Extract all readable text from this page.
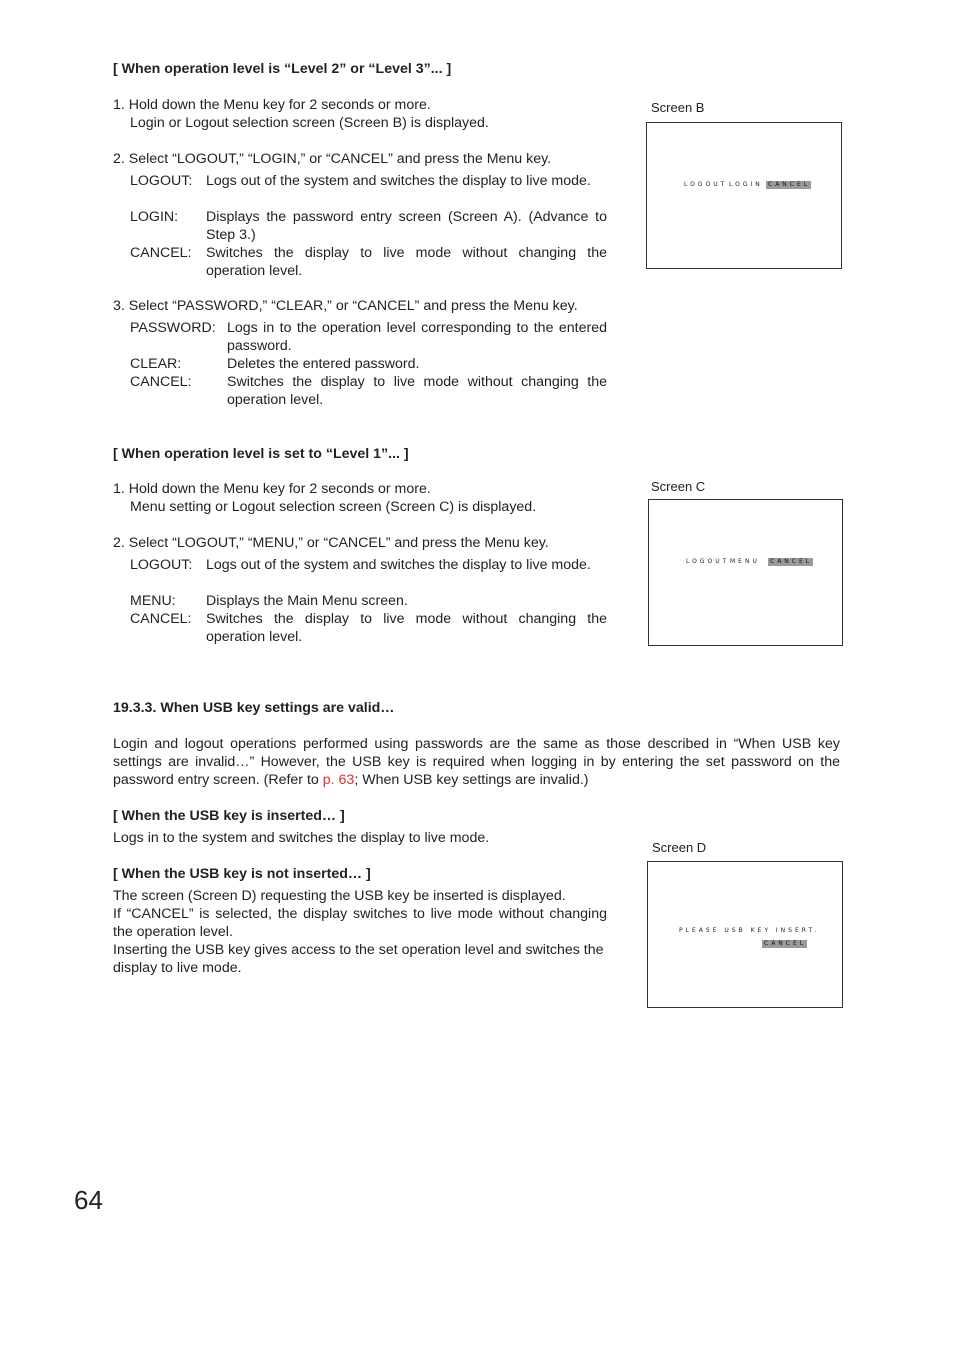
[ When operation level is “Level 2” or “Level 3”... ]
1. Hold down the Menu key for 2 seconds or more.
Login or Logout selection screen (Screen B) is displayed.
2. Select “LOGOUT,” “LOGIN,” or “CANCEL” and press the Menu key.
LOGOUT: Logs out of the system and switches the display to live mode.
LOGIN: Displays the password entry screen (Screen A). (Advance to Step 3.)
CANCEL: Switches the display to live mode without changing the operation level.
3. Select “PASSWORD,” “CLEAR,” or “CANCEL” and press the Menu key.
PASSWORD: Logs in to the operation level corresponding to the entered password.
CLEAR:	Deletes the entered password.
CANCEL:	Switches the display to live mode without changing the operation level.
Screen B
LOGOUT LOGIN CANCEL
[ When operation level is set to “Level 1”... ]
1. Hold down the Menu key for 2 seconds or more.
Menu setting or Logout selection screen (Screen C) is displayed.
2. Select “LOGOUT,” “MENU,” or “CANCEL” and press the Menu key.
LOGOUT: Logs out of the system and switches the display to live mode.
MENU: Displays the Main Menu screen.
CANCEL: Switches the display to live mode without changing the operation level.
Screen C
LOGOUT MENU	CANCEL
19.3.3. When USB key settings are valid…
Login and logout operations performed using passwords are the same as those described in “When USB key settings are invalid…” However, the USB key is required when logging in by entering the set password on the password entry screen. (Refer to p. 63; When USB key settings are invalid.)
[ When the USB key is inserted… ]
Logs in to the system and switches the display to live mode.
[ When the USB key is not inserted… ]
The screen (Screen D) requesting the USB key be inserted is displayed.
If “CANCEL” is selected, the display switches to live mode without changing the operation level.
Inserting the USB key gives access to the set operation level and switches the display to live mode.
Screen D
PLEASE USB KEY INSERT.
CANCEL
64
